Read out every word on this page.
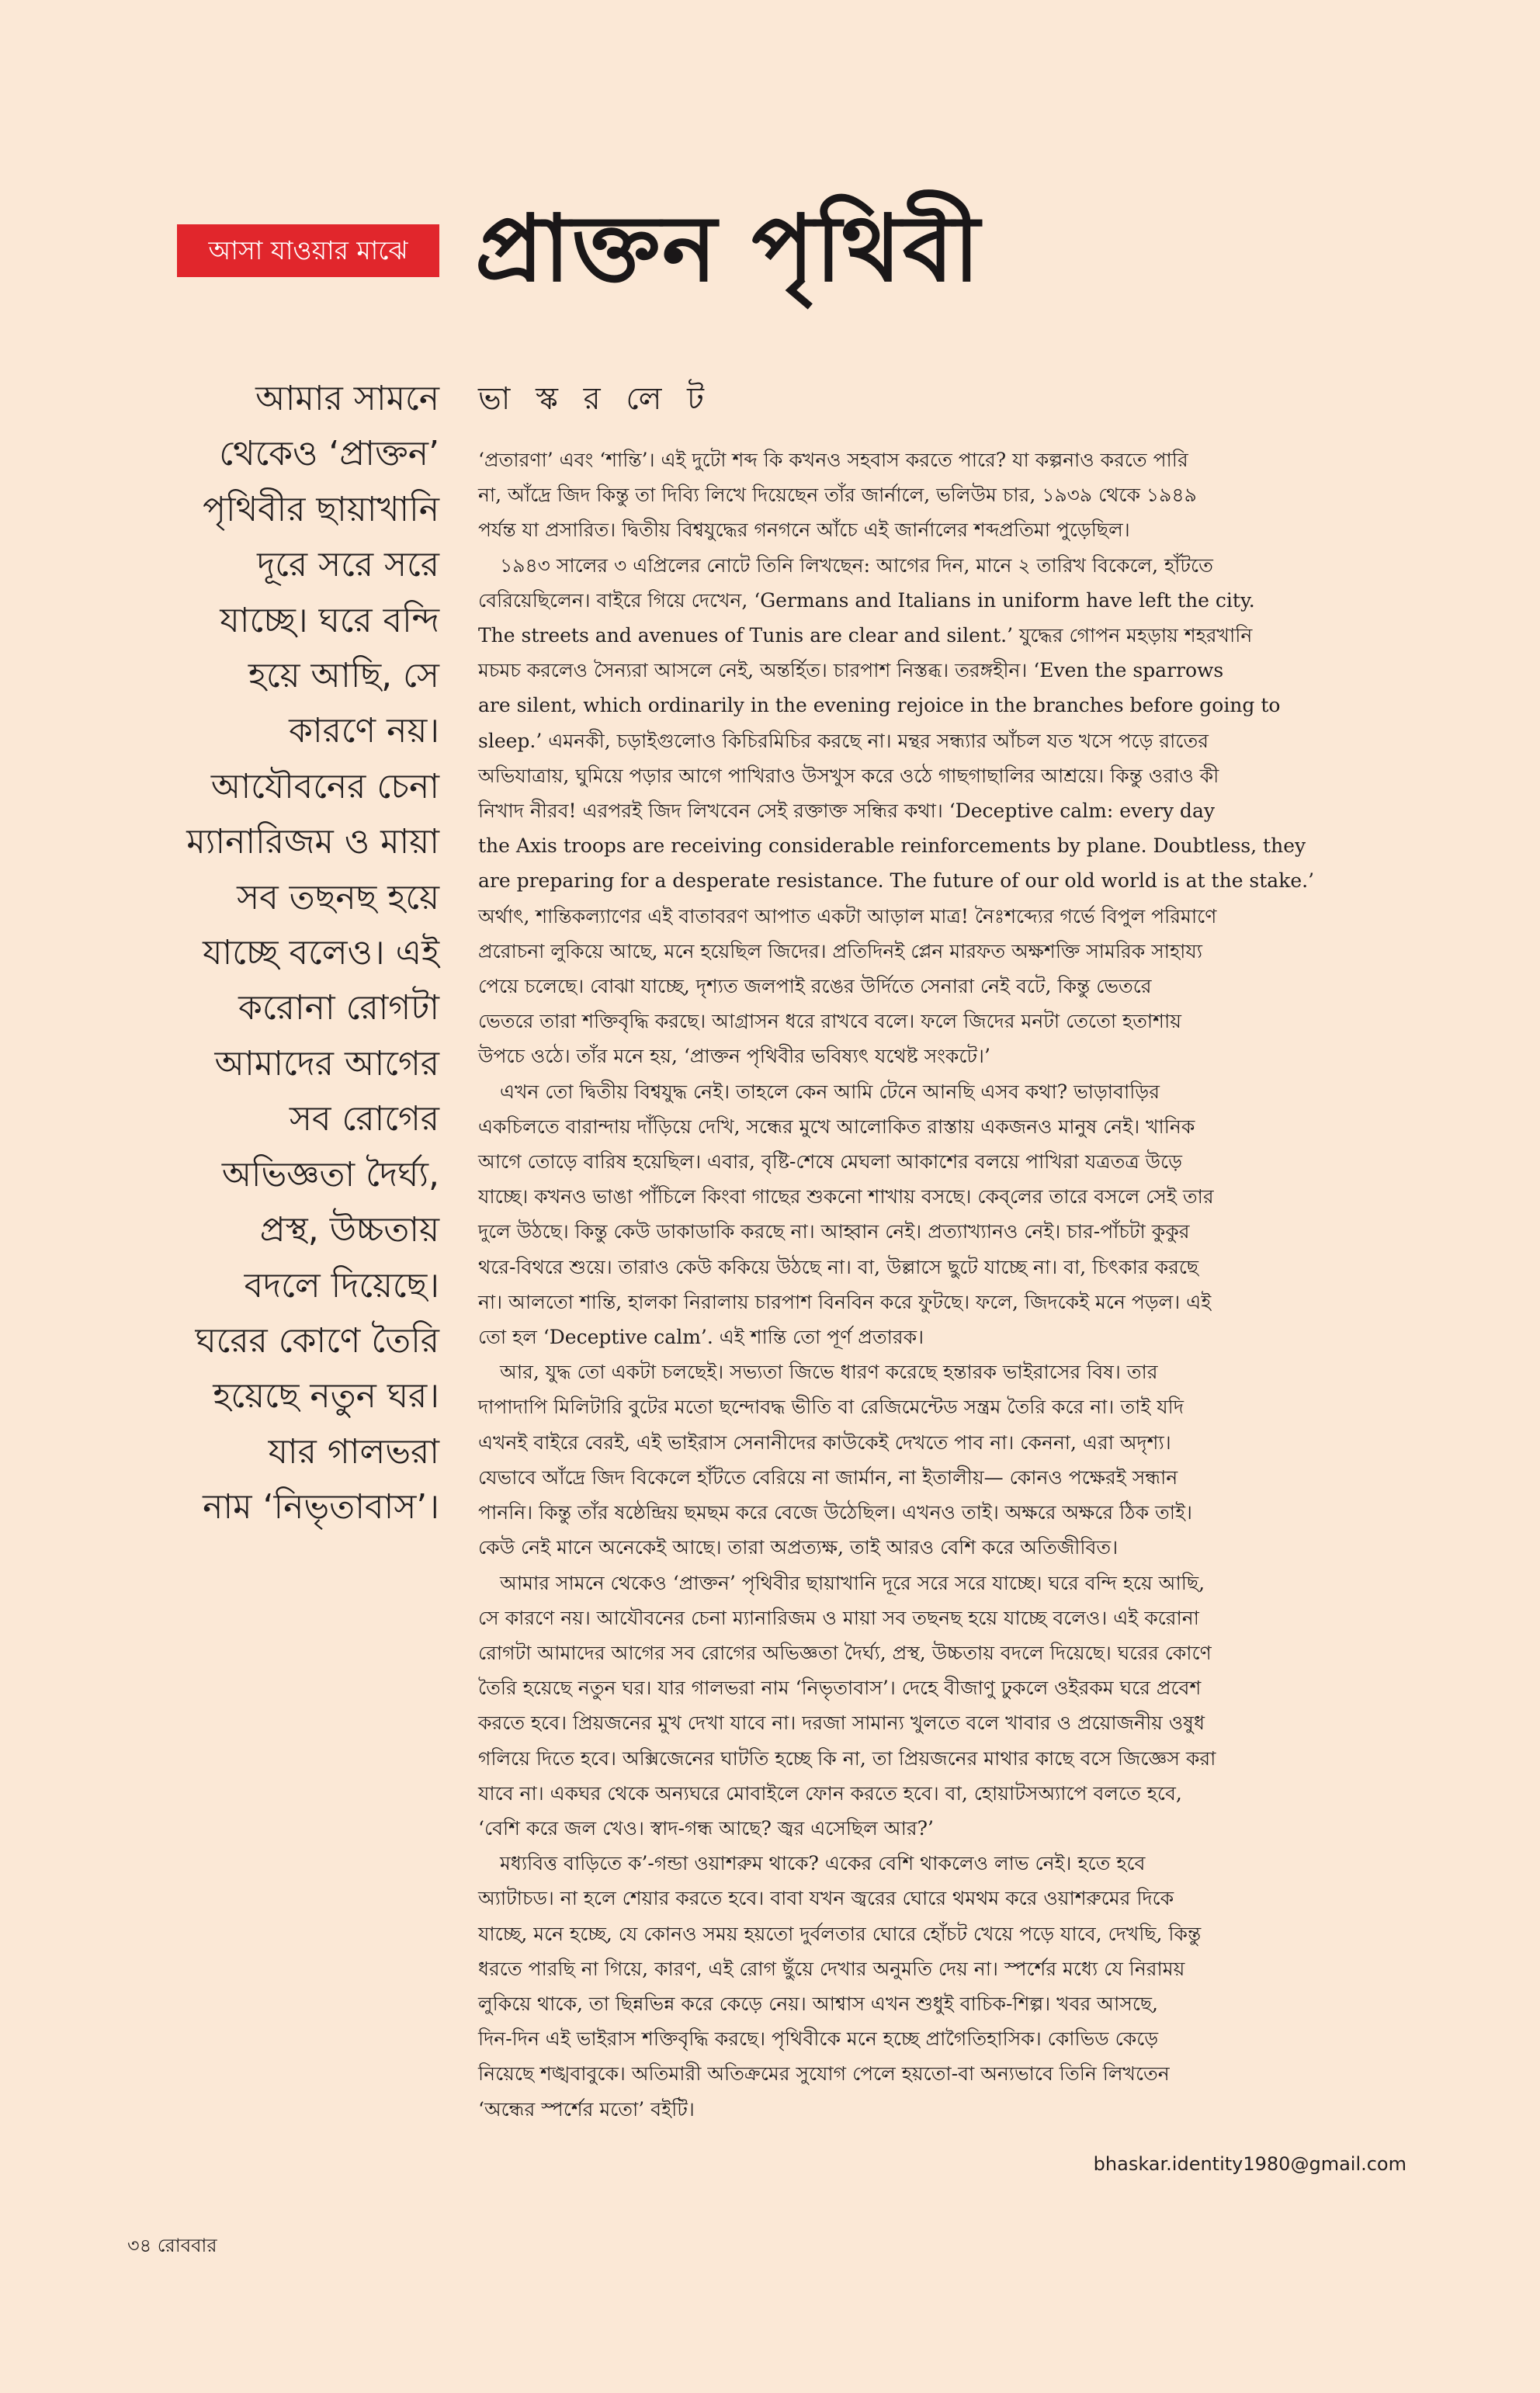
আসা যাওয়ার মাঝে প্রাক্তন পৃথিবী
আমার সামনে
থেকেও ‘প্রাক্তন’
পৃথিবীর ছায়াখানি
দূরে সরে সরে
যাচ্ছে। ঘরে বন্দি
হয়ে আছি, সে
কারণে নয়।
আযৌবনের চেনা
ম্যানারিজম ও মায়া
সব তছনছ হয়ে
যাচ্ছে বলেও। এই
করোনা রোগটা
আমাদের আগের
সব রোগের
অভিজ্ঞতা দৈর্ঘ্য,
প্রস্থ, উচ্চতায়
বদলে দিয়েছে।
ঘরের কোণে তৈরি
হয়েছে নতুন ঘর।
যার গালভরা
নাম ‘নিভৃতাবাস’।
ভা স্ক র লে ট

‘প্রতারণা’ এবং ‘শান্তি’। এই দুটো শব্দ কি কখনও সহবাস করতে পারে? যা কল্পনাও করতে পারি
না, আঁদ্রে জিদ কিন্তু তা দিব্যি লিখে দিয়েছেন তাঁর জার্নালে, ভলিউম চার, ১৯৩৯ থেকে ১৯৪৯
পর্যন্ত যা প্রসারিত। দ্বিতীয় বিশ্বযুদ্ধের গনগনে আঁচে এই জার্নালের শব্দপ্রতিমা পুড়েছিল।

১৯৪৩ সালের ৩ এপ্রিলের নোটে তিনি লিখছেন: আগের দিন, মানে ২ তারিখ বিকেলে, হাঁটতে
বেরিয়েছিলেন। বাইরে গিয়ে দেখেন, ‘Germans and Italians in uniform have left the city.
The streets and avenues of Tunis are clear and silent.’ যুদ্ধের গোপন মহড়ায় শহরখানি
মচমচ করলেও সৈন্যরা আসলে নেই, অন্তর্হিত। চারপাশ নিস্তব্ধ। তরঙ্গহীন। ‘Even the sparrows
are silent, which ordinarily in the evening rejoice in the branches before going to
sleep.’ এমনকী, চড়াইগুলোও কিচিরমিচির করছে না। মন্থর সন্ধ্যার আঁচল যত খসে পড়ে রাতের
অভিযাত্রায়, ঘুমিয়ে পড়ার আগে পাখিরাও উসখুস করে ওঠে গাছগাছালির আশ্রয়ে। কিন্তু ওরাও কী
নিখাদ নীরব! এরপরই জিদ লিখবেন সেই রক্তাক্ত সন্ধির কথা। ‘Deceptive calm: every day
the Axis troops are receiving considerable reinforcements by plane. Doubtless, they
are preparing for a desperate resistance. The future of our old world is at the stake.’
অর্থাৎ, শান্তিকল্যাণের এই বাতাবরণ আপাত একটা আড়াল মাত্র! নৈঃশব্দ্যের গর্ভে বিপুল পরিমাণে
প্ররোচনা লুকিয়ে আছে, মনে হয়েছিল জিদের। প্রতিদিনই প্লেন মারফত অক্ষশক্তি সামরিক সাহায্য
পেয়ে চলেছে। বোঝা যাচ্ছে, দৃশ্যত জলপাই রঙের উর্দিতে সেনারা নেই বটে, কিন্তু ভেতরে
ভেতরে তারা শক্তিবৃদ্ধি করছে। আগ্রাসন ধরে রাখবে বলে। ফলে জিদের মনটা তেতো হতাশায়
উপচে ওঠে। তাঁর মনে হয়, ‘প্রাক্তন পৃথিবীর ভবিষ্যৎ যথেষ্ট সংকটে।’

এখন তো দ্বিতীয় বিশ্বযুদ্ধ নেই। তাহলে কেন আমি টেনে আনছি এসব কথা? ভাড়াবাড়ির
একচিলতে বারান্দায় দাঁড়িয়ে দেখি, সন্ধের মুখে আলোকিত রাস্তায় একজনও মানুষ নেই। খানিক
আগে তোড়ে বারিষ হয়েছিল। এবার, বৃষ্টি-শেষে মেঘলা আকাশের বলয়ে পাখিরা যত্রতত্র উড়ে
যাচ্ছে। কখনও ভাঙা পাঁচিলে কিংবা গাছের শুকনো শাখায় বসছে। কেব্‌লের তারে বসলে সেই তার
দুলে উঠছে। কিন্তু কেউ ডাকাডাকি করছে না। আহ্বান নেই। প্রত্যাখ্যানও নেই। চার-পাঁচটা কুকুর
থরে-বিথরে শুয়ে। তারাও কেউ ককিয়ে উঠছে না। বা, উল্লাসে ছুটে যাচ্ছে না। বা, চিৎকার করছে
না। আলতো শান্তি, হালকা নিরালায় চারপাশ বিনবিন করে ফুটছে। ফলে, জিদকেই মনে পড়ল। এই
তো হল ‘Deceptive calm’. এই শান্তি তো পূর্ণ প্রতারক।

আর, যুদ্ধ তো একটা চলছেই। সভ্যতা জিভে ধারণ করেছে হন্তারক ভাইরাসের বিষ। তার
দাপাদাপি মিলিটারি বুটের মতো ছন্দোবদ্ধ ভীতি বা রেজিমেন্টেড সন্ত্রম তৈরি করে না। তাই যদি
এখনই বাইরে বেরই, এই ভাইরাস সেনানীদের কাউকেই দেখতে পাব না। কেননা, এরা অদৃশ্য।
যেভাবে আঁদ্রে জিদ বিকেলে হাঁটতে বেরিয়ে না জার্মান, না ইতালীয়— কোনও পক্ষেরই সন্ধান
পাননি। কিন্তু তাঁর ষষ্ঠেন্দ্রিয় ছমছম করে বেজে উঠেছিল। এখনও তাই। অক্ষরে অক্ষরে ঠিক তাই।
কেউ নেই মানে অনেকেই আছে। তারা অপ্রত্যক্ষ, তাই আরও বেশি করে অতিজীবিত।

আমার সামনে থেকেও ‘প্রাক্তন’ পৃথিবীর ছায়াখানি দূরে সরে সরে যাচ্ছে। ঘরে বন্দি হয়ে আছি,
সে কারণে নয়। আযৌবনের চেনা ম্যানারিজম ও মায়া সব তছনছ হয়ে যাচ্ছে বলেও। এই করোনা
রোগটা আমাদের আগের সব রোগের অভিজ্ঞতা দৈর্ঘ্য, প্রস্থ, উচ্চতায় বদলে দিয়েছে। ঘরের কোণে
তৈরি হয়েছে নতুন ঘর। যার গালভরা নাম ‘নিভৃতাবাস’। দেহে বীজাণু ঢুকলে ওইরকম ঘরে প্রবেশ
করতে হবে। প্রিয়জনের মুখ দেখা যাবে না। দরজা সামান্য খুলতে বলে খাবার ও প্রয়োজনীয় ওষুধ
গলিয়ে দিতে হবে। অক্সিজেনের ঘাটতি হচ্ছে কি না, তা প্রিয়জনের মাথার কাছে বসে জিজ্ঞেস করা
যাবে না। একঘর থেকে অন্যঘরে মোবাইলে ফোন করতে হবে। বা, হোয়াটসঅ্যাপে বলতে হবে,
‘বেশি করে জল খেও। স্বাদ-গন্ধ আছে? জ্বর এসেছিল আর?’

মধ্যবিত্ত বাড়িতে ক’-গন্ডা ওয়াশরুম থাকে? একের বেশি থাকলেও লাভ নেই। হতে হবে
অ্যাটাচড। না হলে শেয়ার করতে হবে। বাবা যখন জ্বরের ঘোরে থমথম করে ওয়াশরুমের দিকে
যাচ্ছে, মনে হচ্ছে, যে কোনও সময় হয়তো দুর্বলতার ঘোরে হোঁচট খেয়ে পড়ে যাবে, দেখছি, কিন্তু
ধরতে পারছি না গিয়ে, কারণ, এই রোগ ছুঁয়ে দেখার অনুমতি দেয় না। স্পর্শের মধ্যে যে নিরাময়
লুকিয়ে থাকে, তা ছিন্নভিন্ন করে কেড়ে নেয়। আশ্বাস এখন শুধুই বাচিক-শিল্প। খবর আসছে,
দিন-দিন এই ভাইরাস শক্তিবৃদ্ধি করছে। পৃথিবীকে মনে হচ্ছে প্রাগৈতিহাসিক। কোভিড কেড়ে
নিয়েছে শঙ্খবাবুকে। অতিমারী অতিক্রমের সুযোগ পেলে হয়তো-বা অন্যভাবে তিনি লিখতেন
‘অন্ধের স্পর্শের মতো’ বইটি।

bhaskar.identity1980@gmail.com
৩৪ রোববার
